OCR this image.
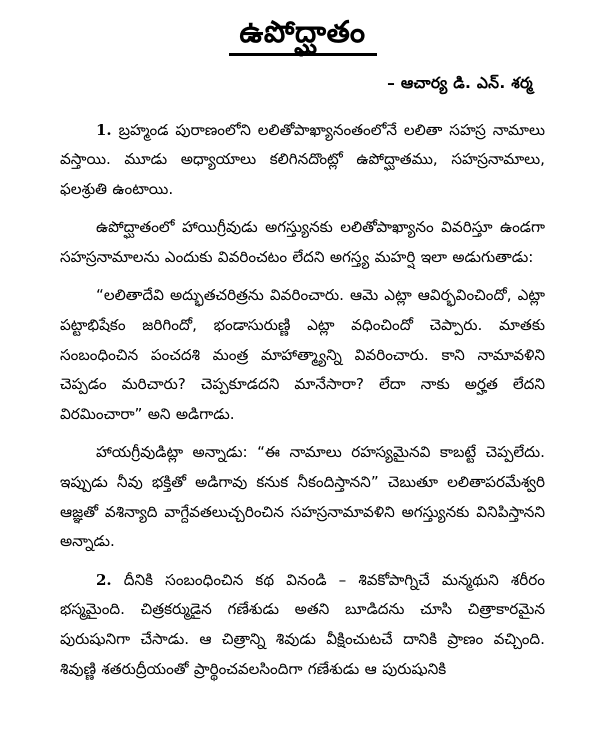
ఉపోద్ఘాతం
– ఆచార్య డి. ఎన్. శర్మ

1. బ్రహ్మండ పురాణంలోని లలితోపాఖ్యానంతంలోనే లలితా సహస్ర నామాలు వస్తాయి. మూడు అధ్యాయాలు కలిగినదొంట్లో ఉపోద్ఘాతము, సహస్రనామాలు, ఫలశ్రుతి ఉంటాయి.

ఉపోద్ఘాతంలో హాయిగ్రీవుడు అగస్త్యునకు లలితోపాఖ్యానం వివరిస్తూ ఉండగా సహస్రనామాలను ఎందుకు వివరించటం లేదని అగస్త్య మహర్షి ఇలా అడుగుతాడు:

“లలితాదేవి అద్భుతచరిత్రను వివరించారు. ఆమె ఎట్లా ఆవిర్భవించిందో, ఎట్లా పట్టాభిషేకం జరిగిందో, భండాసురుణ్ణి ఎట్లా వధించిందో చెప్పారు. మాతకు సంబంధించిన పంచదశి మంత్ర మాహాత్మ్యాన్ని వివరించారు. కాని నామావళిని చెప్పడం మరిచారు? చెప్పకూడదని మానేసారా? లేదా నాకు అర్హత లేదని విరమించారా” అని అడిగాడు.

హాయగ్రీవుడిట్లా అన్నాడు: “ఈ నామాలు రహస్యమైనవి కాబట్టే చెప్పలేదు. ఇప్పుడు నీవు భక్తితో అడిగావు కనుక నీకందిస్తానని” చెబుతూ లలితాపరమేశ్వరి ఆజ్ఞతో వశిన్యాది వాగ్దేవతలుచ్చరించిన సహస్రనామావళిని అగస్త్యునకు వినిపిస్తానని అన్నాడు.

2. దీనికి సంబంధించిన కథ వినండి – శివకోపాగ్నిచే మన్మథుని శరీరం భస్మమైంది. చిత్రకర్ముడైన గణేశుడు అతని బూడిదను చూసి చిత్రాకారమైన పురుషునిగా చేసాడు. ఆ చిత్రాన్ని శివుడు వీక్షించుటచే దానికి ప్రాణం వచ్చింది. శివుణ్ణి శతరుద్రీయంతో ప్రార్థించవలసిందిగా గణేశుడు ఆ పురుషునికి
